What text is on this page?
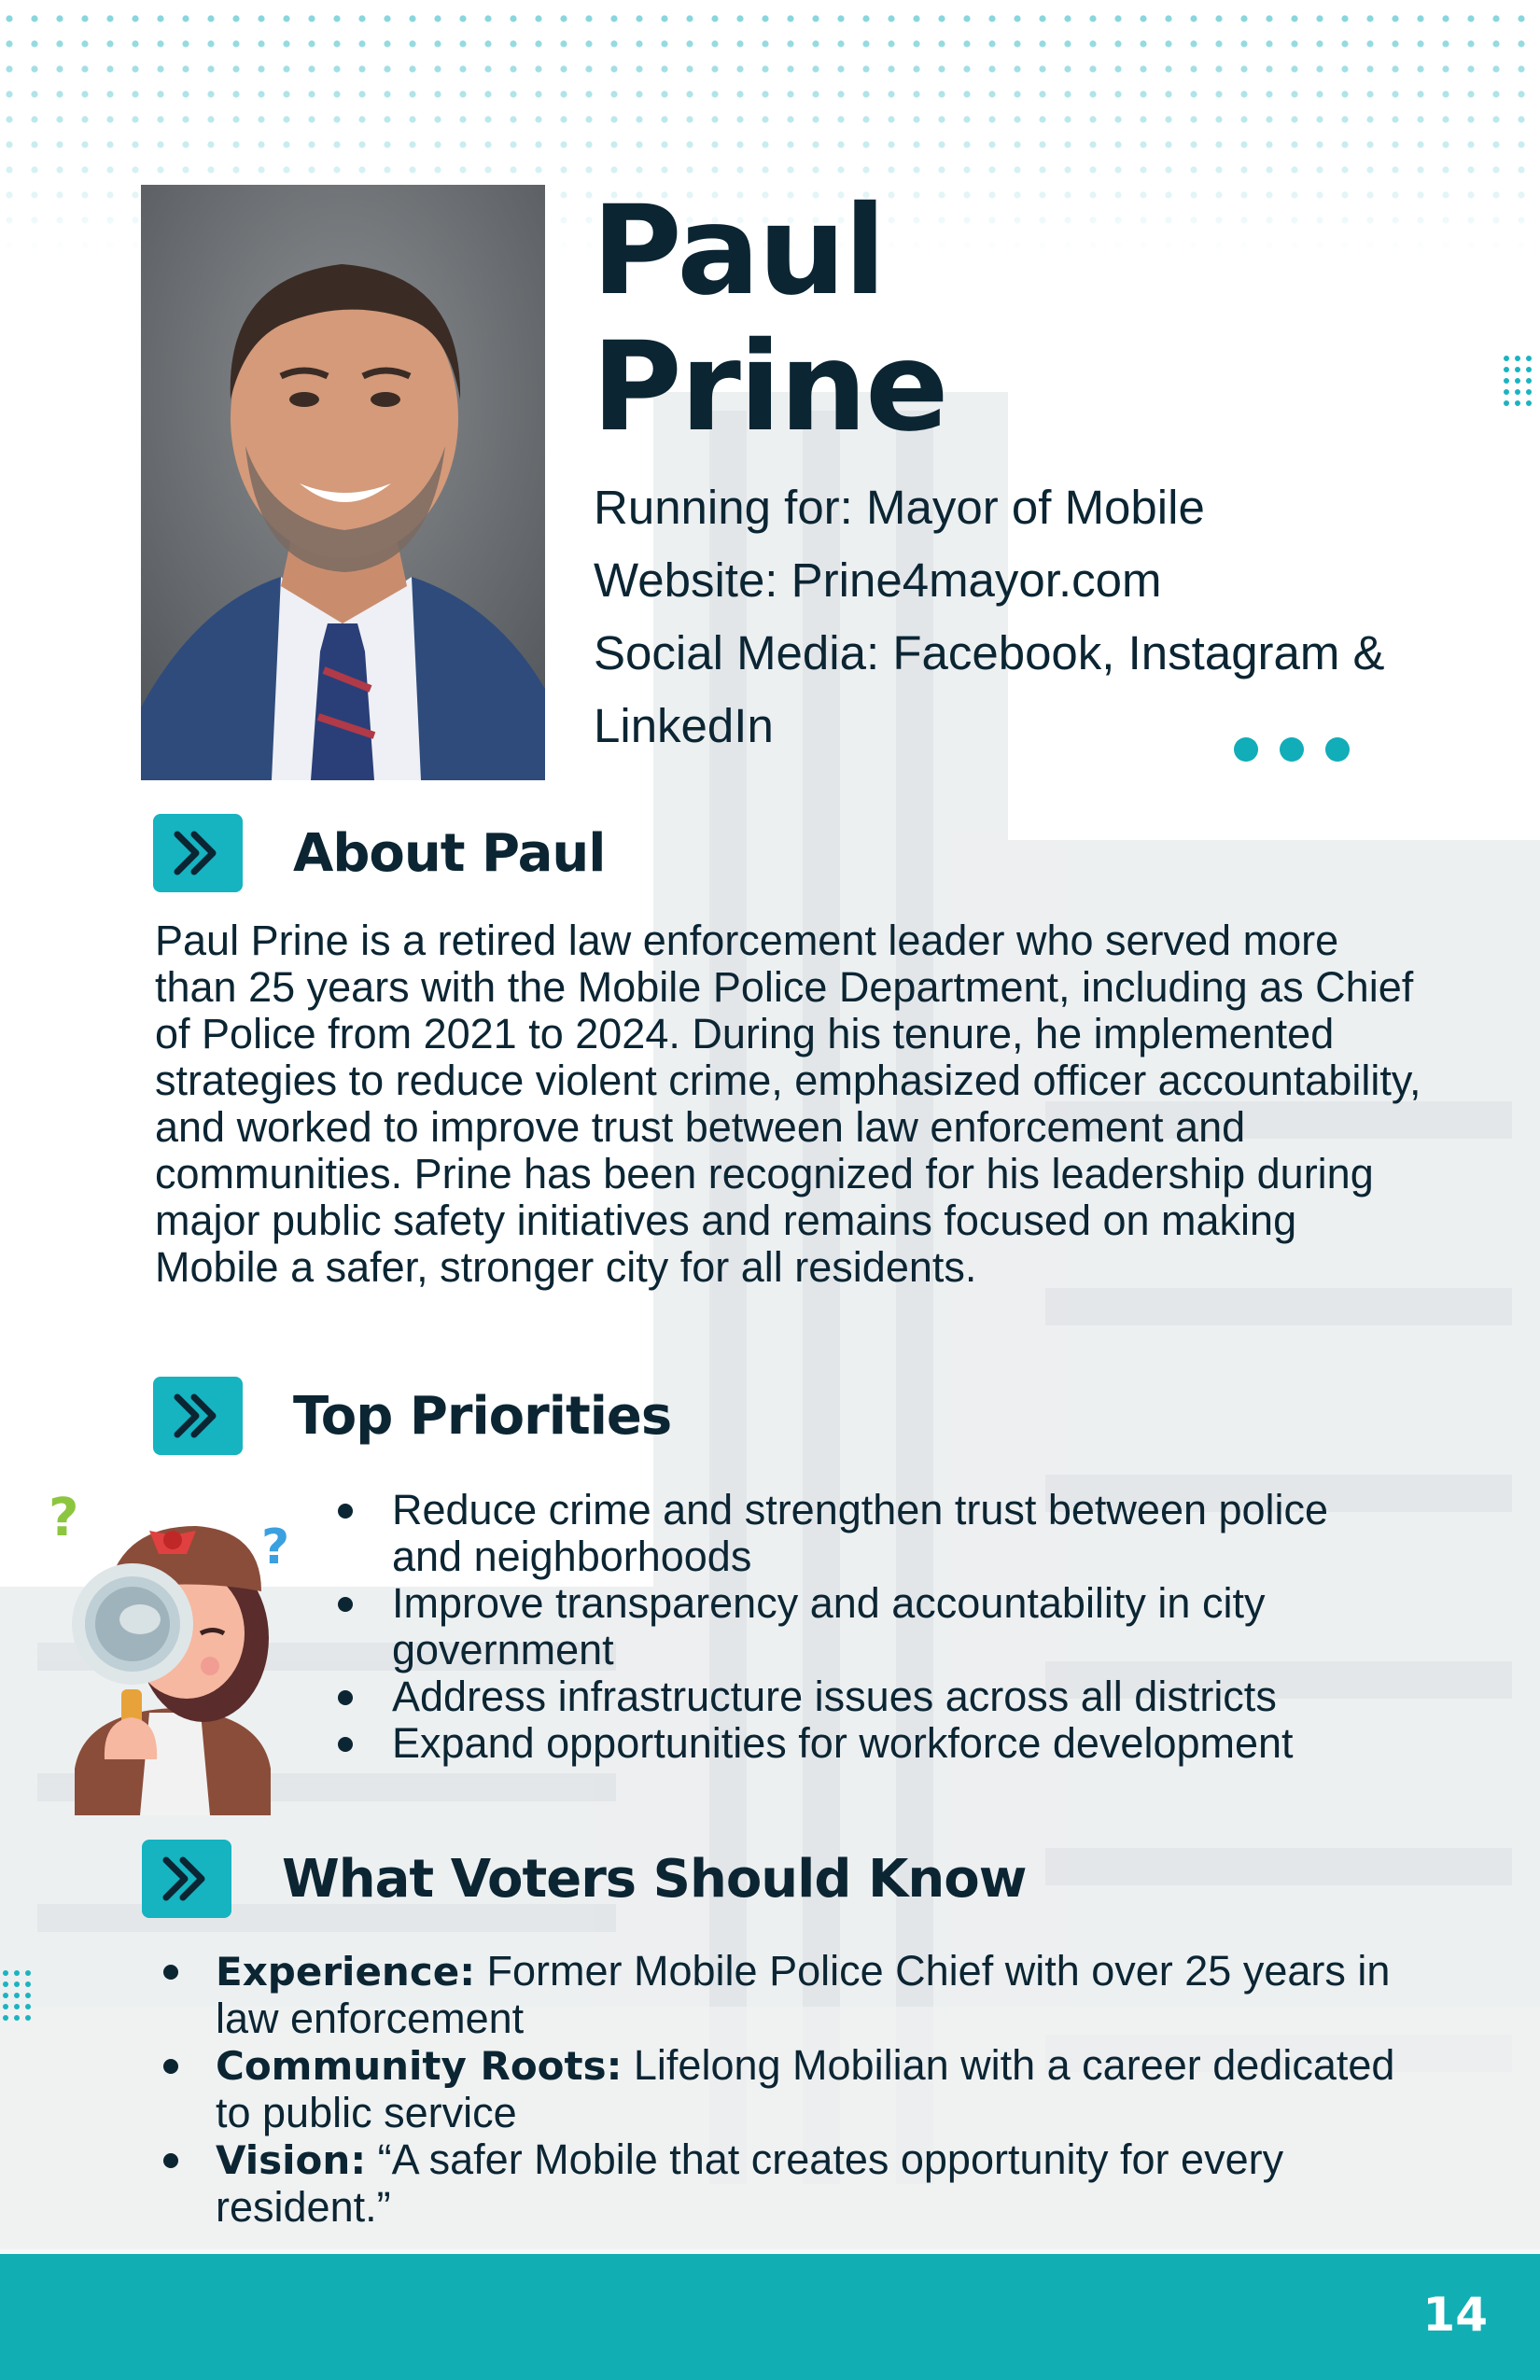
Paul
Prine
Running for: Mayor of Mobile
Website: Prine4mayor.com
Social Media: Facebook, Instagram &
LinkedIn
About Paul
Paul Prine is a retired law enforcement leader who served more than 25 years with the Mobile Police Department, including as Chief of Police from 2021 to 2024. During his tenure, he implemented strategies to reduce violent crime, emphasized officer accountability, and worked to improve trust between law enforcement and communities. Prine has been recognized for his leadership during major public safety initiatives and remains focused on making Mobile a safer, stronger city for all residents.
Top Priorities
?	?
Reduce crime and strengthen trust between police and neighborhoods
Improve transparency and accountability in city government
Address infrastructure issues across all districts
Expand opportunities for workforce development
What Voters Should Know
Experience: Former Mobile Police Chief with over 25 years in law enforcement
Community Roots: Lifelong Mobilian with a career dedicated to public service
Vision: “A safer Mobile that creates opportunity for every resident.”
14
